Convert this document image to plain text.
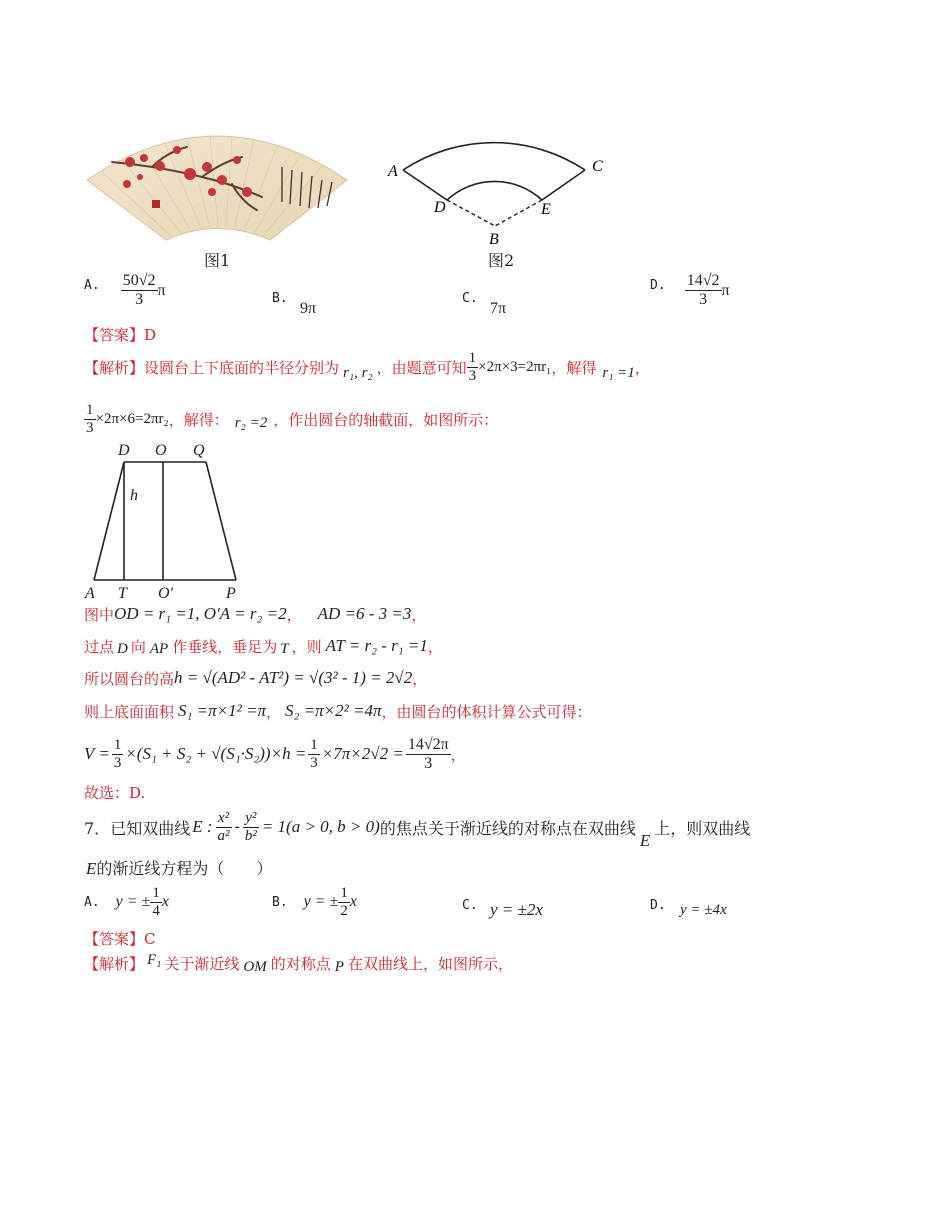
图1
A	C
D	E
B
图2
$^{A.} \frac{50√2}{3}$ π	B.
9π
C.
7π
$^{D.} \frac{14√2}{3}$ π
【答案】D
【解析】 设圆台上下底面的半径分别为 r₁, r₂ ，由题意可知 $\frac{1}{3} \times 2\pi\times 3=2\pi r_1$ ，解得 r₁ =1 ，
$\frac{1}{3} \times 2\pi\times 6=2\pi r_2$ ，解得： r₂ =2 ，作出圆台的轴截面，如图所示：
D O Q
h
A T O′	P
图中 OD = r₁ =1, O′A = r₂ =2 ， AD =6 - 3 =3 ，
过点 D 向 AP 作垂线，垂足为 T ，则 AT = r₂ - r₁ =1 ，
所以圆台的高 h = √(AD² - AT²) = √(3² - 1) = 2√2 ，
则上底面面积 S₁ =π×1² =π ， S₂ =π×2² =4π ，由圆台的体积计算公式可得：
$V = \frac{1}{3} \times(S_1 + S_2 + √(S_1\cdot S_2))\times h = \frac{1}{3} \times 7\pi\times 2√2 = \frac{14√2\pi}{3}$ ，
故选：D.
7． 已知双曲线 E : $\frac{\text{x²}}{\text{a²}} - \frac{\text{y²}}{\text{b²}} = 1(a > 0$, b > 0) 的焦点关于渐近线的对称点在双曲线
E
上，则双曲线
E的渐近线方程为（　　）
A. y = ± $\frac{1}{4}$ x	B. y = ± $\frac{1}{2}$ x	C. y = ±2x	D. y = ±4x
【答案】C
【解析】 F₁ 关于渐近线 OM 的对称点 P 在双曲线上，如图所示，
